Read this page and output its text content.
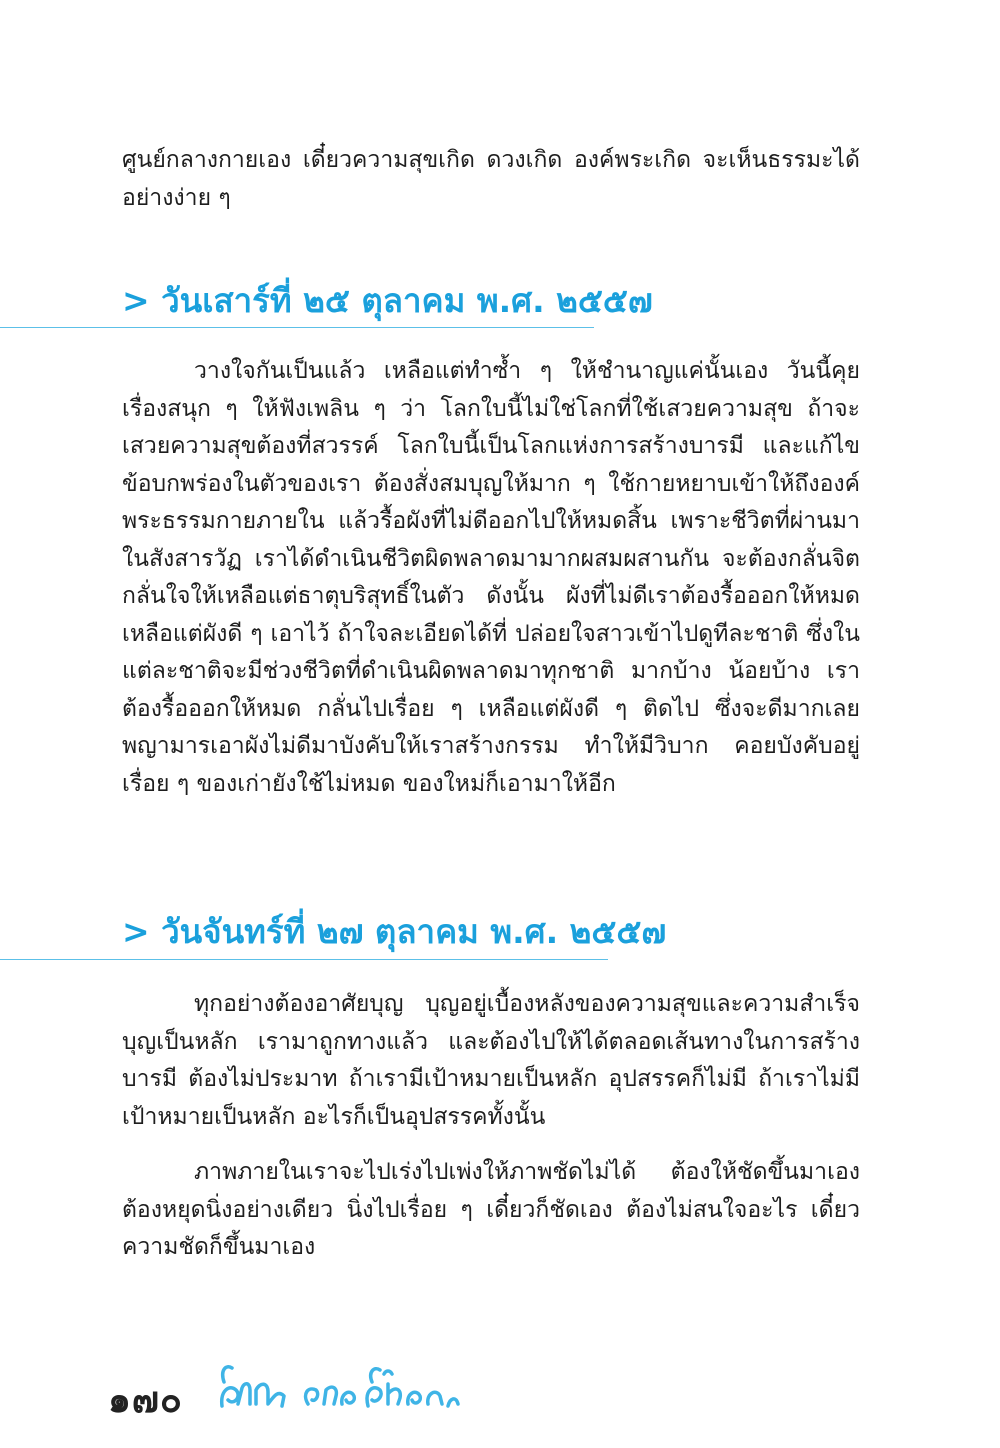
ศูนย์กลางกายเอง เดี๋ยวความสุขเกิด ดวงเกิด องค์พระเกิด จะเห็นธรรมะได้อย่างง่าย ๆ

> วันเสาร์ที่ ๒๕ ตุลาคม พ.ศ. ๒๕๕๗

วางใจกันเป็นแล้ว เหลือแต่ทำซ้ำ ๆ ให้ชำนาญแค่นั้นเอง วันนี้คุยเรื่องสนุก ๆ ให้ฟังเพลิน ๆ ว่า โลกใบนี้ไม่ใช่โลกที่ใช้เสวยความสุข ถ้าจะเสวยความสุขต้องที่สวรรค์ โลกใบนี้เป็นโลกแห่งการสร้างบารมี และแก้ไขข้อบกพร่องในตัวของเรา ต้องสั่งสมบุญให้มาก ๆ ใช้กายหยาบเข้าให้ถึงองค์พระธรรมกายภายใน แล้วรื้อผังที่ไม่ดีออกไปให้หมดสิ้น เพราะชีวิตที่ผ่านมาในสังสารวัฏ เราได้ดำเนินชีวิตผิดพลาดมามากผสมผสานกัน จะต้องกลั่นจิตกลั่นใจให้เหลือแต่ธาตุบริสุทธิ์ในตัว ดังนั้น ผังที่ไม่ดีเราต้องรื้อออกให้หมด เหลือแต่ผังดี ๆ เอาไว้ ถ้าใจละเอียดได้ที่ ปล่อยใจสาวเข้าไปดูทีละชาติ ซึ่งในแต่ละชาติจะมีช่วงชีวิตที่ดำเนินผิดพลาดมาทุกชาติ มากบ้าง น้อยบ้าง เราต้องรื้อออกให้หมด กลั่นไปเรื่อย ๆ เหลือแต่ผังดี ๆ ติดไป ซึ่งจะดีมากเลย พญามารเอาผังไม่ดีมาบังคับให้เราสร้างกรรม ทำให้มีวิบาก คอยบังคับอยู่เรื่อย ๆ ของเก่ายังใช้ไม่หมด ของใหม่ก็เอามาให้อีก

> วันจันทร์ที่ ๒๗ ตุลาคม พ.ศ. ๒๕๕๗

ทุกอย่างต้องอาศัยบุญ บุญอยู่เบื้องหลังของความสุขและความสำเร็จ บุญเป็นหลัก เรามาถูกทางแล้ว และต้องไปให้ได้ตลอดเส้นทางในการสร้างบารมี ต้องไม่ประมาท ถ้าเรามีเป้าหมายเป็นหลัก อุปสรรคก็ไม่มี ถ้าเราไม่มีเป้าหมายเป็นหลัก อะไรก็เป็นอุปสรรคทั้งนั้น

ภาพภายในเราจะไปเร่งไปเพ่งให้ภาพชัดไม่ได้ ต้องให้ชัดขึ้นมาเอง ต้องหยุดนิ่งอย่างเดียว นิ่งไปเรื่อย ๆ เดี๋ยวก็ชัดเอง ต้องไม่สนใจอะไร เดี๋ยวความชัดก็ขึ้นมาเอง

๑๗๐
ง่ายมากง่ายมาก
